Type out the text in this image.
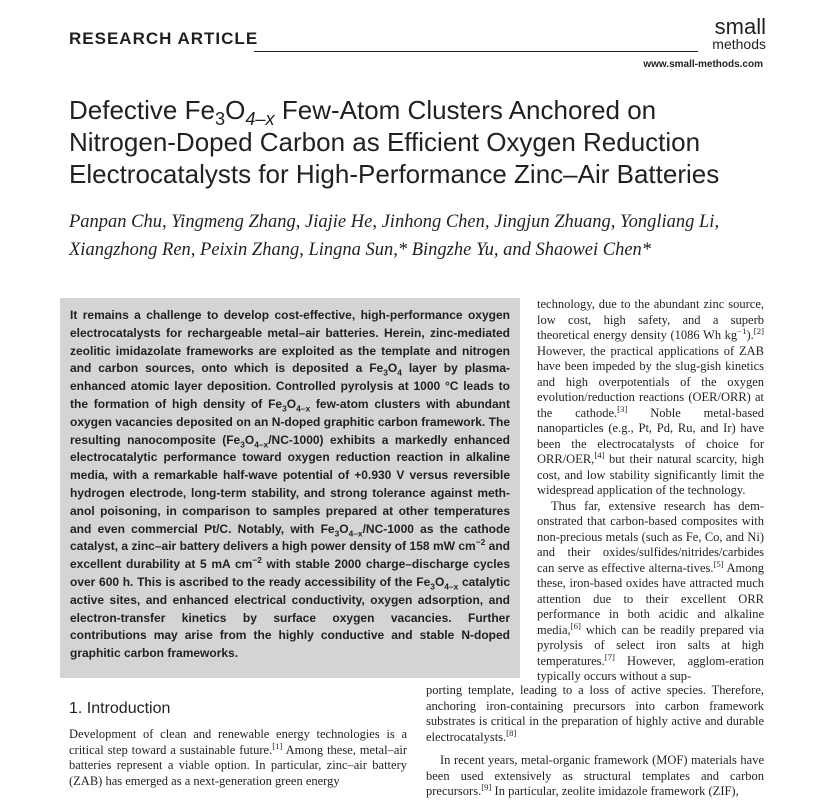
RESEARCH ARTICLE	small
methods
www.small-methods.com
Defective $Fe_3O_{4-x}$ Few-Atom Clusters Anchored on
Nitrogen-Doped Carbon as Efficient Oxygen Reduction
Electrocatalysts for High-Performance Zinc–Air Batteries
Panpan Chu, Yingmeng Zhang, Jiajie He, Jinhong Chen, Jingjun Zhuang, Yongliang Li,
Xiangzhong Ren, Peixin Zhang, Lingna Sun,* Bingzhe Yu, and Shaowei Chen*

It remains a challenge to develop cost-effective, high-performance oxygen electrocatalysts for rechargeable metal–air batteries. Herein, zinc-mediated zeolitic imidazolate frameworks are exploited as the template and nitrogen and carbon sources, onto which is deposited a $Fe_3O_4$ layer by plasma-enhanced atomic layer deposition. Controlled pyrolysis at 1000 °C leads to the formation of high density of $Fe_3O_{4-x}$ few-atom clusters with abundant oxygen vacancies deposited on an N-doped graphitic carbon framework. The resulting nanocomposite $(Fe_3O_{4-x}/NC-1000)$ exhibits a markedly enhanced electrocatalytic performance toward oxygen reduction reaction in alkaline media, with a remarkable half-wave potential of +0.930 V versus reversible hydrogen electrode, long-term stability, and strong tolerance against meth-anol poisoning, in comparison to samples prepared at other temperatures and even commercial Pt/C. Notably, with $Fe_3O_{4-x}/NC-1000$ as the cathode catalyst, a zinc–air battery delivers a high power density of 158 mW $cm^{-2}$ and excellent durability at 5 mA $cm^{-2}$ with stable 2000 charge–discharge cycles over 600 h. This is ascribed to the ready accessibility of the $Fe_3O_{4-x}$ catalytic active sites, and enhanced electrical conductivity, oxygen adsorption, and electron-transfer kinetics by surface oxygen vacancies. Further contributions may arise from the highly conductive and stable N-doped graphitic carbon frameworks.

1. Introduction

Development of clean and renewable energy technologies is a critical step toward a sustainable future.[1] Among these, metal–air batteries represent a viable option. In particular, zinc–air battery (ZAB) has emerged as a next-generation green energy

technology, due to the abundant zinc source, low cost, high safety, and a superb theoretical energy density (1086 Wh $kg^{-1}).[2]$ However, the practical applications of ZAB have been impeded by the slug-gish kinetics and high overpotentials of the oxygen evolution/reduction reactions (OER/ORR) at the cathode.[3] Noble metal-based nanoparticles (e.g., Pt, Pd, Ru, and Ir) have been the electrocatalysts of choice for ORR/OER,[4] but their natural scarcity, high cost, and low stability significantly limit the widespread application of the technology.

Thus far, extensive research has dem-onstrated that carbon-based composites with non-precious metals (such as Fe, Co, and Ni) and their oxides/sulfides/nitrides/carbides can serve as effective alterna-tives.[5] Among these, iron-based oxides have attracted much attention due to their excellent ORR performance in both acidic and alkaline media,[6] which can be readily prepared via pyrolysis of select iron salts at high temperatures.[7] However, agglom-eration typically occurs without a sup-

porting template, leading to a loss of active species. Therefore, anchoring iron-containing precursors into carbon framework substrates is critical in the preparation of highly active and durable electrocatalysts.[8]

In recent years, metal-organic framework (MOF) materials have been used extensively as structural templates and carbon precursors.[9] In particular, zeolite imidazole framework (ZIF),
